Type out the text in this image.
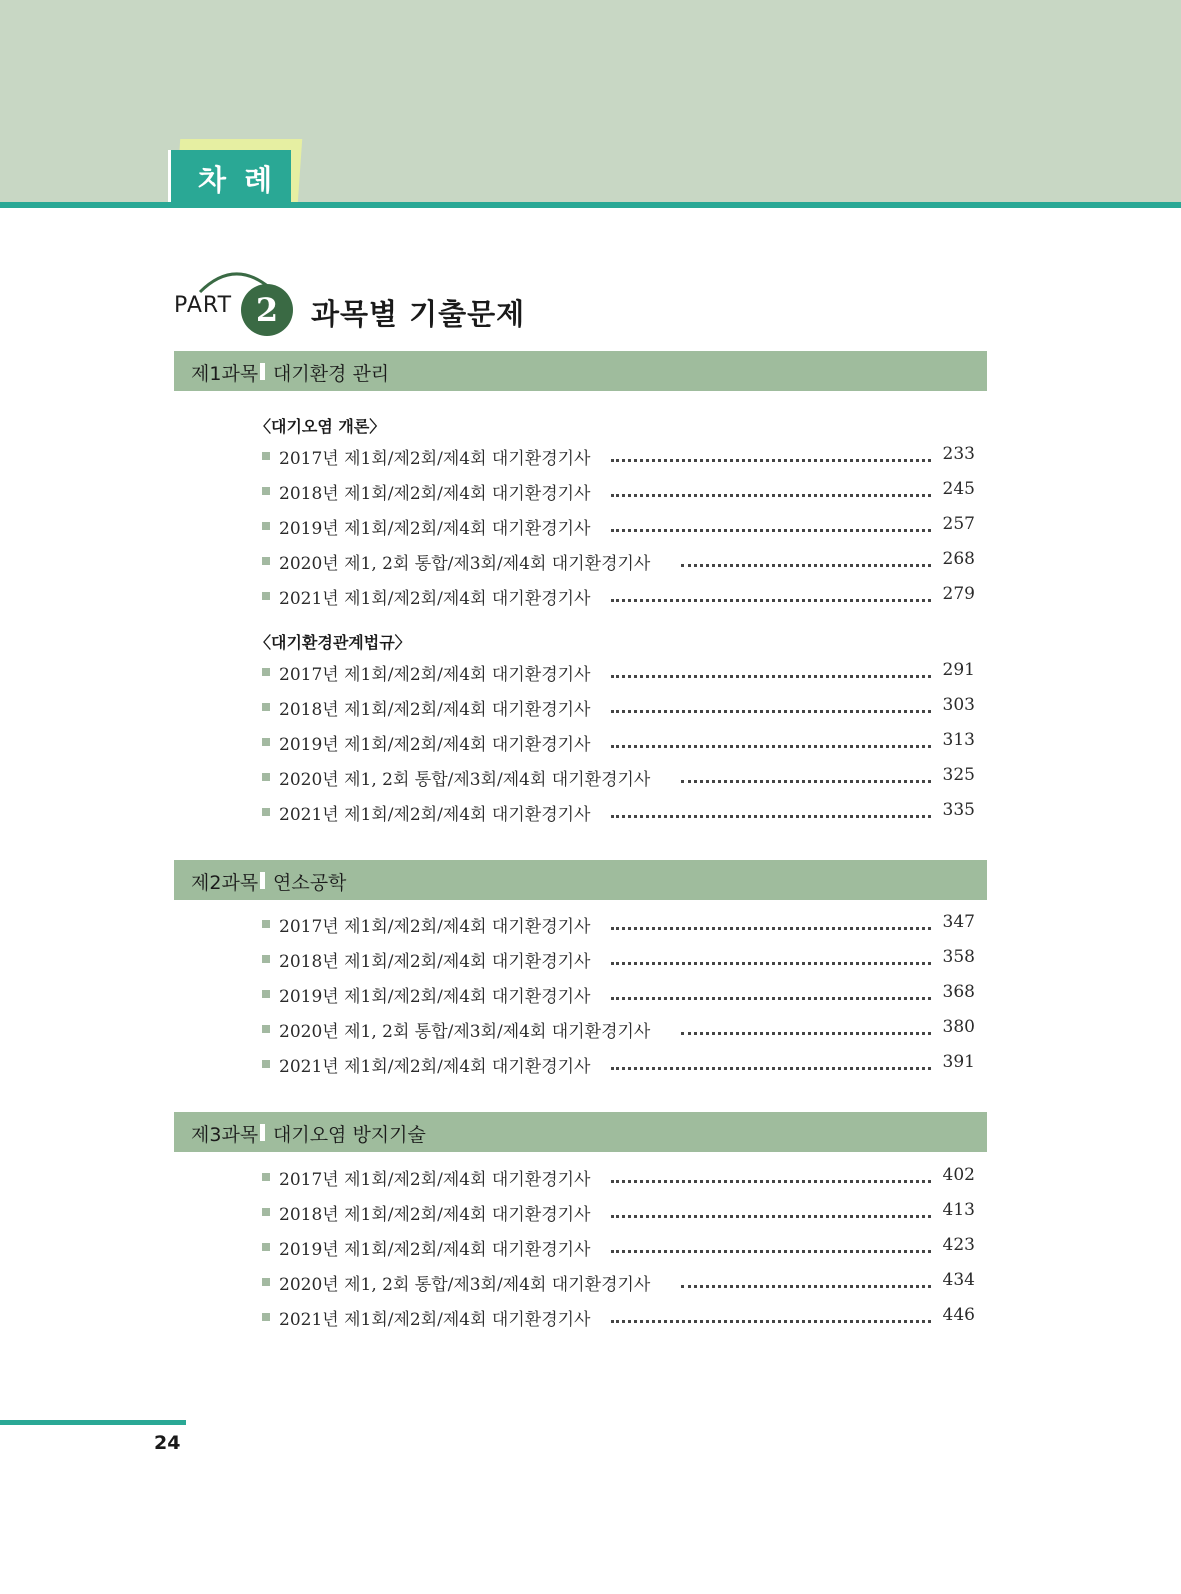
차 례
PART 2	과목별 기출문제
제1과목 대기환경 관리
〈대기오염 개론〉
2017년 제1회/제2회/제4회 대기환경기사	233
2018년 제1회/제2회/제4회 대기환경기사	245
2019년 제1회/제2회/제4회 대기환경기사	257
2020년 제1, 2회 통합/제3회/제4회 대기환경기사	268
2021년 제1회/제2회/제4회 대기환경기사	279
〈대기환경관계법규〉
2017년 제1회/제2회/제4회 대기환경기사	291
2018년 제1회/제2회/제4회 대기환경기사	303
2019년 제1회/제2회/제4회 대기환경기사	313
2020년 제1, 2회 통합/제3회/제4회 대기환경기사	325
2021년 제1회/제2회/제4회 대기환경기사	335
제2과목 연소공학
2017년 제1회/제2회/제4회 대기환경기사	347
2018년 제1회/제2회/제4회 대기환경기사	358
2019년 제1회/제2회/제4회 대기환경기사	368
2020년 제1, 2회 통합/제3회/제4회 대기환경기사	380
2021년 제1회/제2회/제4회 대기환경기사	391
제3과목 대기오염 방지기술
2017년 제1회/제2회/제4회 대기환경기사	402
2018년 제1회/제2회/제4회 대기환경기사	413
2019년 제1회/제2회/제4회 대기환경기사	423
2020년 제1, 2회 통합/제3회/제4회 대기환경기사	434
2021년 제1회/제2회/제4회 대기환경기사	446
24
